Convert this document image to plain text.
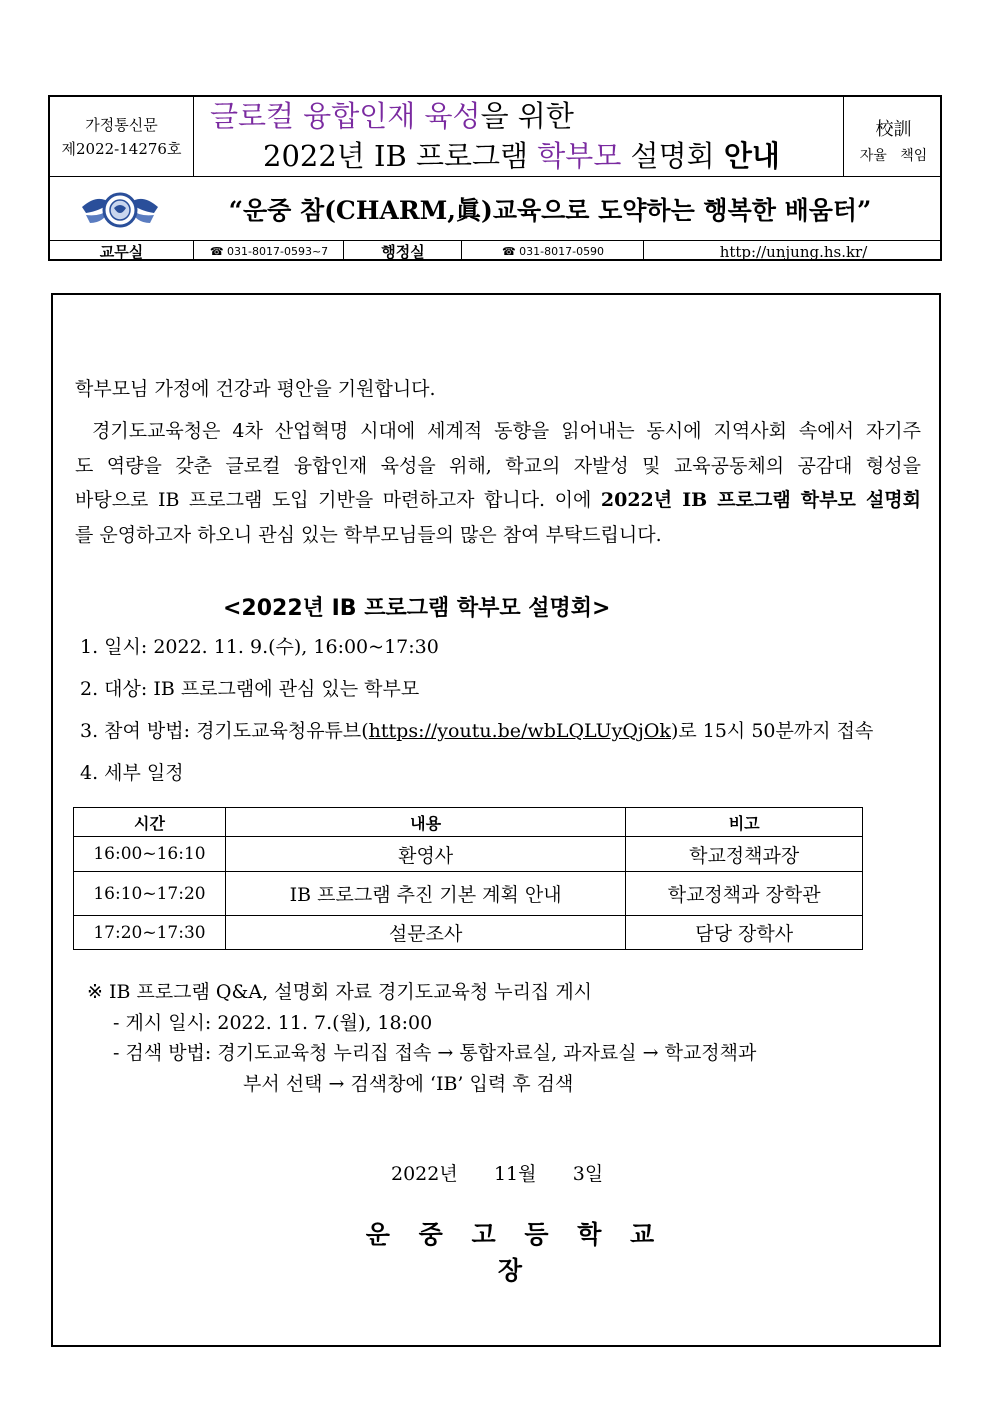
가정통신문
제2022-14276호
글로컬 융합인재 육성을 위한
2022년 IB 프로그램 학부모 설명회 안내
校訓
자율 책임
“운중 참(CHARM,眞)교육으로 도약하는 행복한 배움터”
교무실	☎ 031-8017-0593~7	행정실	☎ 031-8017-0590	http://unjung.hs.kr/
학부모님 가정에 건강과 평안을 기원합니다.
경기도교육청은 4차 산업혁명 시대에 세계적 동향을 읽어내는 동시에 지역사회 속에서 자기주
도 역량을 갖춘 글로컬 융합인재 육성을 위해, 학교의 자발성 및 교육공동체의 공감대 형성을
바탕으로 IB 프로그램 도입 기반을 마련하고자 합니다. 이에 2022년 IB 프로그램 학부모 설명회
를 운영하고자 하오니 관심 있는 학부모님들의 많은 참여 부탁드립니다.
<2022년 IB 프로그램 학부모 설명회>
1. 일시: 2022. 11. 9.(수), 16:00~17:30
2. 대상: IB 프로그램에 관심 있는 학부모
3. 참여 방법: 경기도교육청유튜브(https://youtu.be/wbLQLUyQjOk)로 15시 50분까지 접속
4. 세부 일정
시간	내용	비고
16:00~16:10	환영사	학교정책과장
16:10~17:20	IB 프로그램 추진 기본 계획 안내	학교정책과 장학관
17:20~17:30	설문조사	담당 장학사
※ IB 프로그램 Q&A, 설명회 자료 경기도교육청 누리집 게시
- 게시 일시: 2022. 11. 7.(월), 18:00
- 검색 방법: 경기도교육청 누리집 접속 → 통합자료실, 과자료실 → 학교정책과
부서 선택 → 검색창에 ‘IB’ 입력 후 검색
2022년 11월 3일
운 중 고 등 학 교 장
